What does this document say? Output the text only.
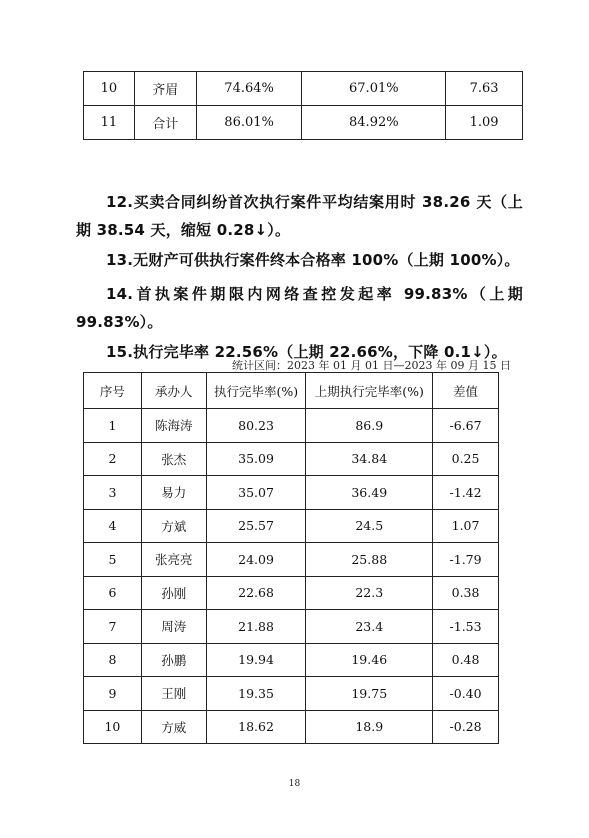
10	齐眉	74.64%	67.01%	7.63
11	合计	86.01%	84.92%	1.09

12.买卖合同纠纷首次执行案件平均结案用时 38.26 天（上期 38.54 天，缩短 0.28↓）。

13.无财产可供执行案件终本合格率 100%（上期 100%）。

14.首执案件期限内网络查控发起率 99.83%（上期 99.83%）。

15.执行完毕率 22.56%（上期 22.66%，下降 0.1↓）。

统计区间：2023 年 01 月 01 日—2023 年 09 月 15 日
序号	承办人	执行完毕率(%)	上期执行完毕率(%)	差值
1	陈海涛	80.23	86.9	-6.67
2	张杰	35.09	34.84	0.25
3	易力	35.07	36.49	-1.42
4	方斌	25.57	24.5	1.07
5	张亮亮	24.09	25.88	-1.79
6	孙刚	22.68	22.3	0.38
7	周涛	21.88	23.4	-1.53
8	孙鹏	19.94	19.46	0.48
9	王刚	19.35	19.75	-0.40
10	方威	18.62	18.9	-0.28
18
